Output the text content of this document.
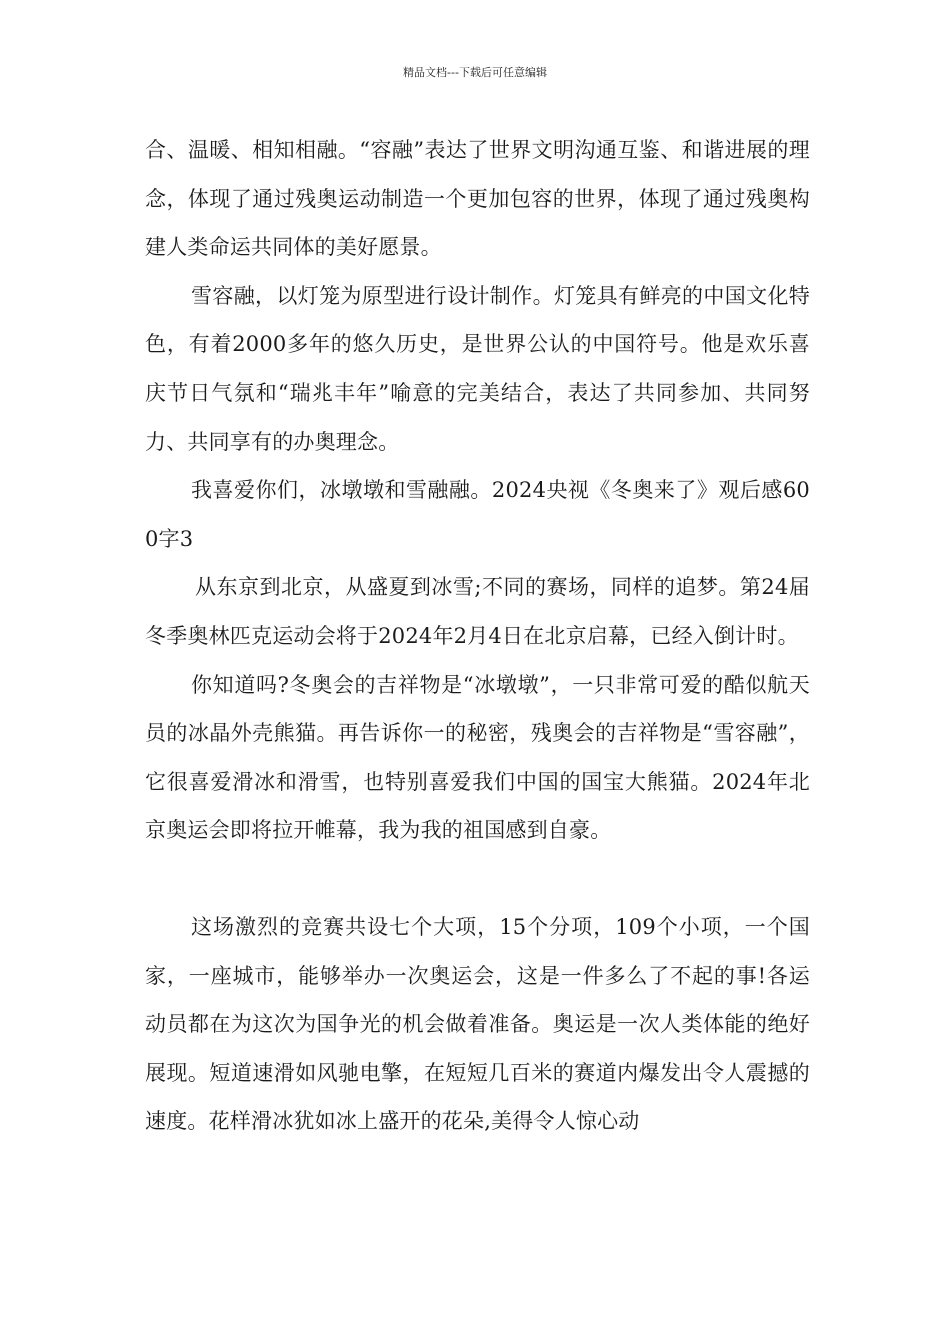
精品文档---下载后可任意编辑

合、温暖、相知相融。“容融”表达了世界文明沟通互鉴、和谐进展的理念，体现了通过残奥运动制造一个更加包容的世界，体现了通过残奥构建人类命运共同体的美好愿景。

雪容融，以灯笼为原型进行设计制作。灯笼具有鲜亮的中国文化特色，有着2000多年的悠久历史，是世界公认的中国符号。他是欢乐喜庆节日气氛和“瑞兆丰年”喻意的完美结合，表达了共同参加、共同努力、共同享有的办奥理念。

我喜爱你们，冰墩墩和雪融融。2024央视《冬奥来了》观后感600字3

从东京到北京，从盛夏到冰雪;不同的赛场，同样的追梦。第24届冬季奥林匹克运动会将于2024年2月4日在北京启幕，已经入倒计时。

你知道吗?冬奥会的吉祥物是“冰墩墩”，一只非常可爱的酷似航天员的冰晶外壳熊猫。再告诉你一的秘密，残奥会的吉祥物是“雪容融”，它很喜爱滑冰和滑雪，也特别喜爱我们中国的国宝大熊猫。2024年北京奥运会即将拉开帷幕，我为我的祖国感到自豪。

这场激烈的竞赛共设七个大项，15个分项，109个小项，一个国家，一座城市，能够举办一次奥运会，这是一件多么了不起的事!各运动员都在为这次为国争光的机会做着准备。奥运是一次人类体能的绝好展现。短道速滑如风驰电擎，在短短几百米的赛道内爆发出令人震撼的速度。花样滑冰犹如冰上盛开的花朵,美得令人惊心动
